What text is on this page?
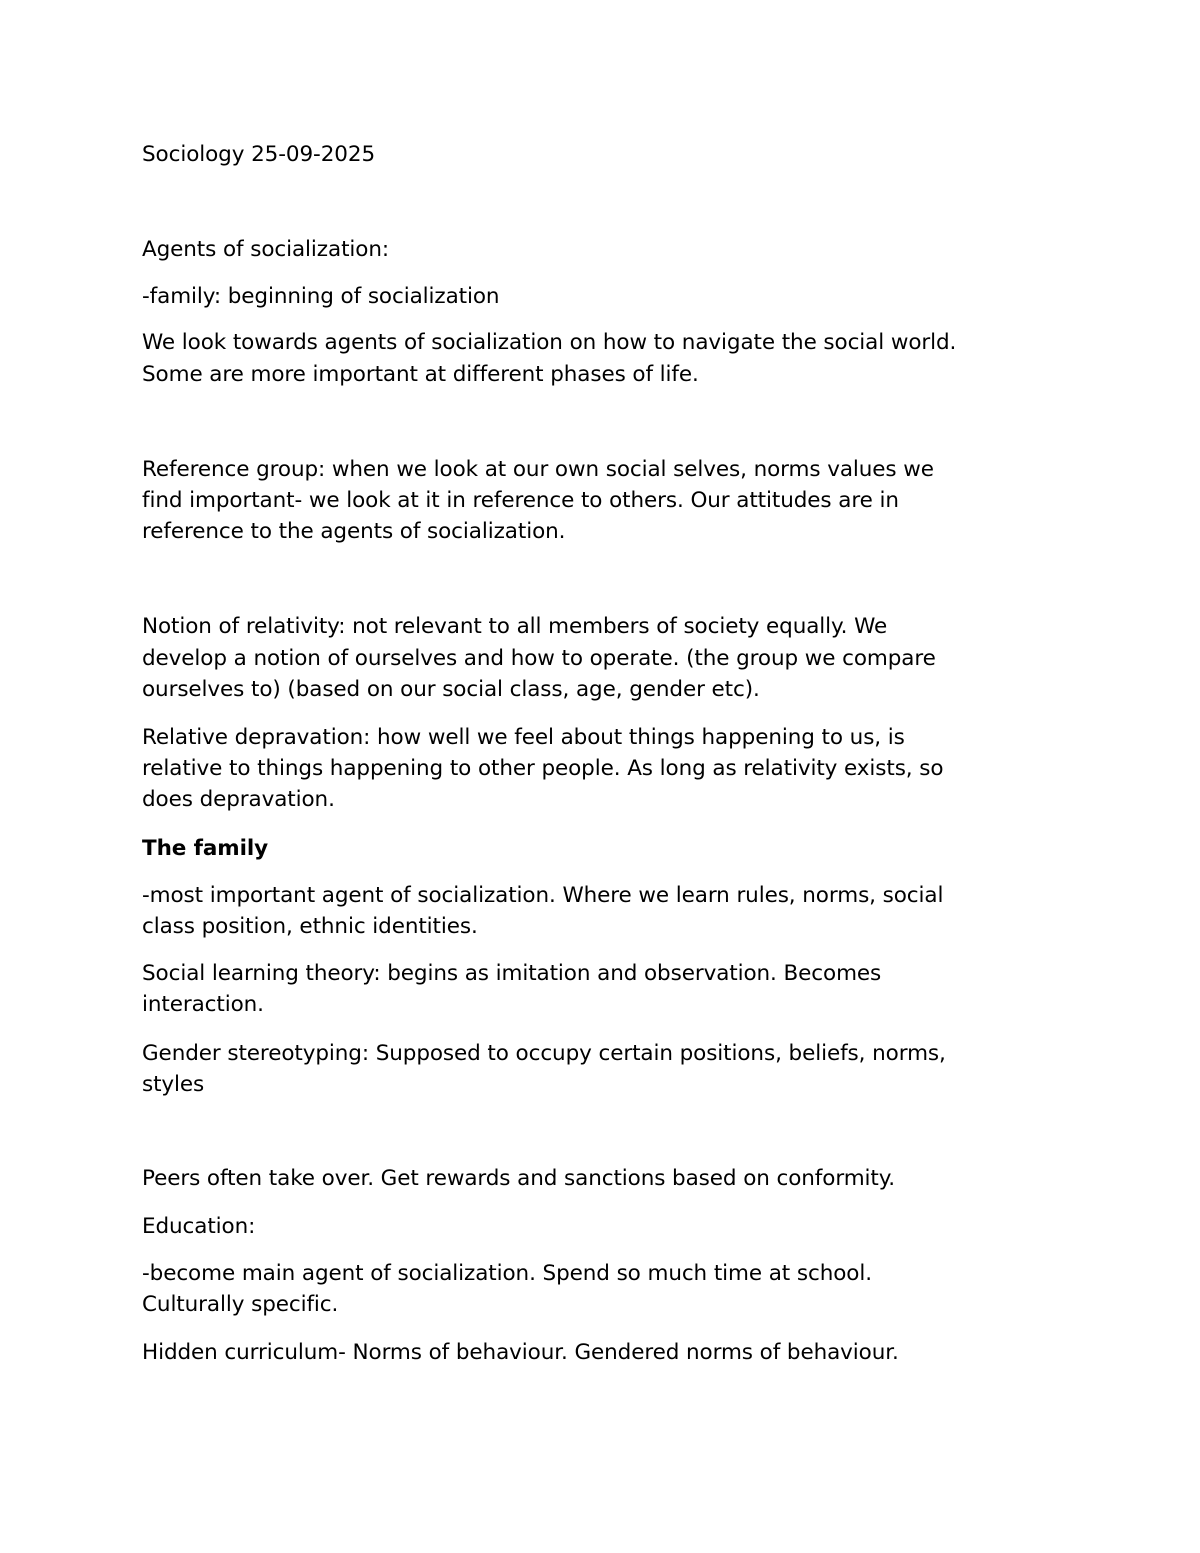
Sociology 25-09-2025

Agents of socialization:

-family: beginning of socialization

We look towards agents of socialization on how to navigate the social world.

Some are more important at different phases of life.

Reference group: when we look at our own social selves, norms values we

find important- we look at it in reference to others. Our attitudes are in

reference to the agents of socialization.

Notion of relativity: not relevant to all members of society equally. We

develop a notion of ourselves and how to operate. (the group we compare

ourselves to) (based on our social class, age, gender etc).

Relative depravation: how well we feel about things happening to us, is

relative to things happening to other people. As long as relativity exists, so

does depravation.

The family

-most important agent of socialization. Where we learn rules, norms, social

class position, ethnic identities.

Social learning theory: begins as imitation and observation. Becomes

interaction.

Gender stereotyping: Supposed to occupy certain positions, beliefs, norms,

styles

Peers often take over. Get rewards and sanctions based on conformity.

Education:

-become main agent of socialization. Spend so much time at school.

Culturally specific.

Hidden curriculum- Norms of behaviour. Gendered norms of behaviour.
